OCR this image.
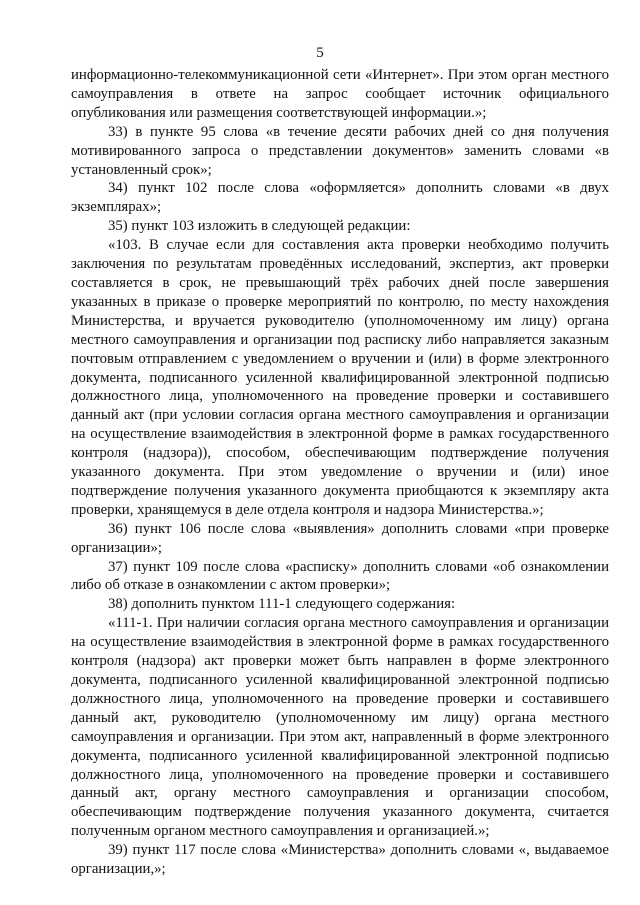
5

информационно-телекоммуникационной сети «Интернет». При этом орган местного самоуправления в ответе на запрос сообщает источник официального опубликования или размещения соответствующей информации.»;

33) в пункте 95 слова «в течение десяти рабочих дней со дня получения мотивированного запроса о представлении документов» заменить словами «в установленный срок»;

34) пункт 102 после слова «оформляется» дополнить словами «в двух экземплярах»;

35) пункт 103 изложить в следующей редакции:

«103. В случае если для составления акта проверки необходимо получить заключения по результатам проведённых исследований, экспертиз, акт проверки составляется в срок, не превышающий трёх рабочих дней после завершения указанных в приказе о проверке мероприятий по контролю, по месту нахождения Министерства, и вручается руководителю (уполномоченному им лицу) органа местного самоуправления и организации под расписку либо направляется заказным почтовым отправлением с уведомлением о вручении и (или) в форме электронного документа, подписанного усиленной квалифицированной электронной подписью должностного лица, уполномоченного на проведение проверки и составившего данный акт (при условии согласия органа местного самоуправления и организации на осуществление взаимодействия в электронной форме в рамках государственного контроля (надзора)), способом, обеспечивающим подтверждение получения указанного документа. При этом уведомление о вручении и (или) иное подтверждение получения указанного документа приобщаются к экземпляру акта проверки, хранящемуся в деле отдела контроля и надзора Министерства.»;

36) пункт 106 после слова «выявления» дополнить словами «при проверке организации»;

37) пункт 109 после слова «расписку» дополнить словами «об ознакомлении либо об отказе в ознакомлении с актом проверки»;

38) дополнить пунктом 111-1 следующего содержания:

«111-1. При наличии согласия органа местного самоуправления и организации на осуществление взаимодействия в электронной форме в рамках государственного контроля (надзора) акт проверки может быть направлен в форме электронного документа, подписанного усиленной квалифицированной электронной подписью должностного лица, уполномоченного на проведение проверки и составившего данный акт, руководителю (уполномоченному им лицу) органа местного самоуправления и организации. При этом акт, направленный в форме электронного документа, подписанного усиленной квалифицированной электронной подписью должностного лица, уполномоченного на проведение проверки и составившего данный акт, органу местного самоуправления и организации способом, обеспечивающим подтверждение получения указанного документа, считается полученным органом местного самоуправления и организацией.»;

39) пункт 117 после слова «Министерства» дополнить словами «, выдаваемое организации,»;
